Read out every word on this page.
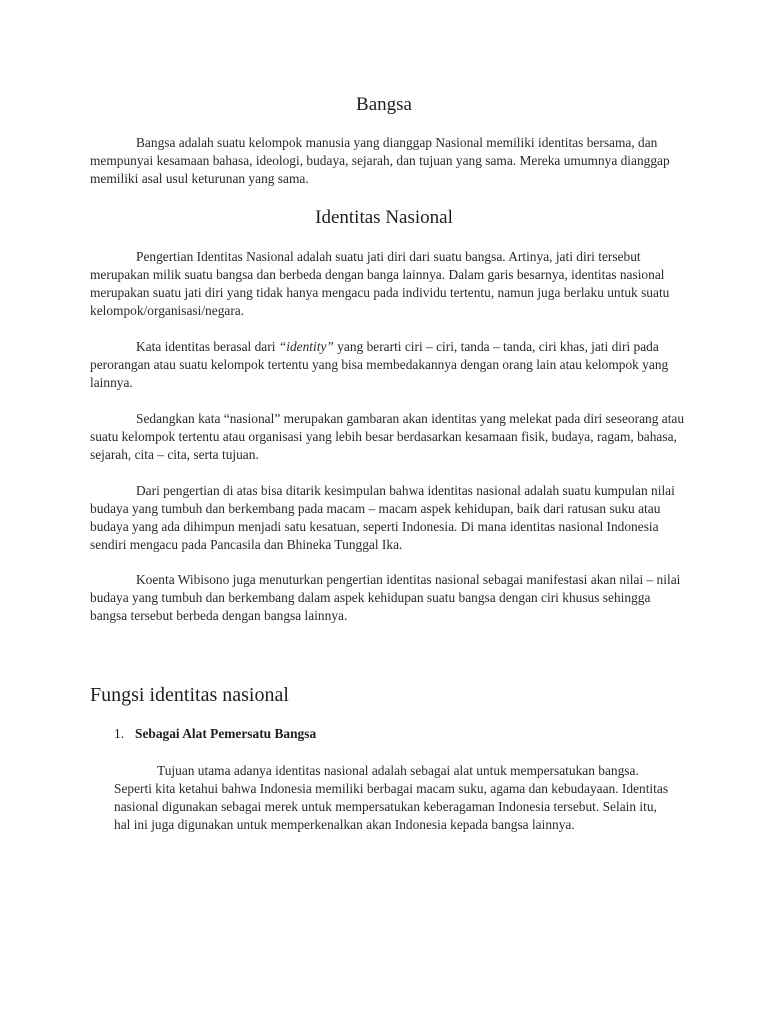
Bangsa

Bangsa adalah suatu kelompok manusia yang dianggap Nasional memiliki identitas bersama, dan mempunyai kesamaan bahasa, ideologi, budaya, sejarah, dan tujuan yang sama. Mereka umumnya dianggap memiliki asal usul keturunan yang sama.

Identitas Nasional

Pengertian Identitas Nasional adalah suatu jati diri dari suatu bangsa. Artinya, jati diri tersebut merupakan milik suatu bangsa dan berbeda dengan banga lainnya. Dalam garis besarnya, identitas nasional merupakan suatu jati diri yang tidak hanya mengacu pada individu tertentu, namun juga berlaku untuk suatu kelompok/organisasi/negara.

Kata identitas berasal dari “identity” yang berarti ciri – ciri, tanda – tanda, ciri khas, jati diri pada perorangan atau suatu kelompok tertentu yang bisa membedakannya dengan orang lain atau kelompok yang lainnya.

Sedangkan kata “nasional” merupakan gambaran akan identitas yang melekat pada diri seseorang atau suatu kelompok tertentu atau organisasi yang lebih besar berdasarkan kesamaan fisik, budaya, ragam, bahasa, sejarah, cita – cita, serta tujuan.

Dari pengertian di atas bisa ditarik kesimpulan bahwa identitas nasional adalah suatu kumpulan nilai budaya yang tumbuh dan berkembang pada macam – macam aspek kehidupan, baik dari ratusan suku atau budaya yang ada dihimpun menjadi satu kesatuan, seperti Indonesia. Di mana identitas nasional Indonesia sendiri mengacu pada Pancasila dan Bhineka Tunggal Ika.

Koenta Wibisono juga menuturkan pengertian identitas nasional sebagai manifestasi akan nilai – nilai budaya yang tumbuh dan berkembang dalam aspek kehidupan suatu bangsa dengan ciri khusus sehingga bangsa tersebut berbeda dengan bangsa lainnya.

Fungsi identitas nasional

1. Sebagai Alat Pemersatu Bangsa

Tujuan utama adanya identitas nasional adalah sebagai alat untuk mempersatukan bangsa. Seperti kita ketahui bahwa Indonesia memiliki berbagai macam suku, agama dan kebudayaan. Identitas nasional digunakan sebagai merek untuk mempersatukan keberagaman Indonesia tersebut. Selain itu, hal ini juga digunakan untuk memperkenalkan akan Indonesia kepada bangsa lainnya.
